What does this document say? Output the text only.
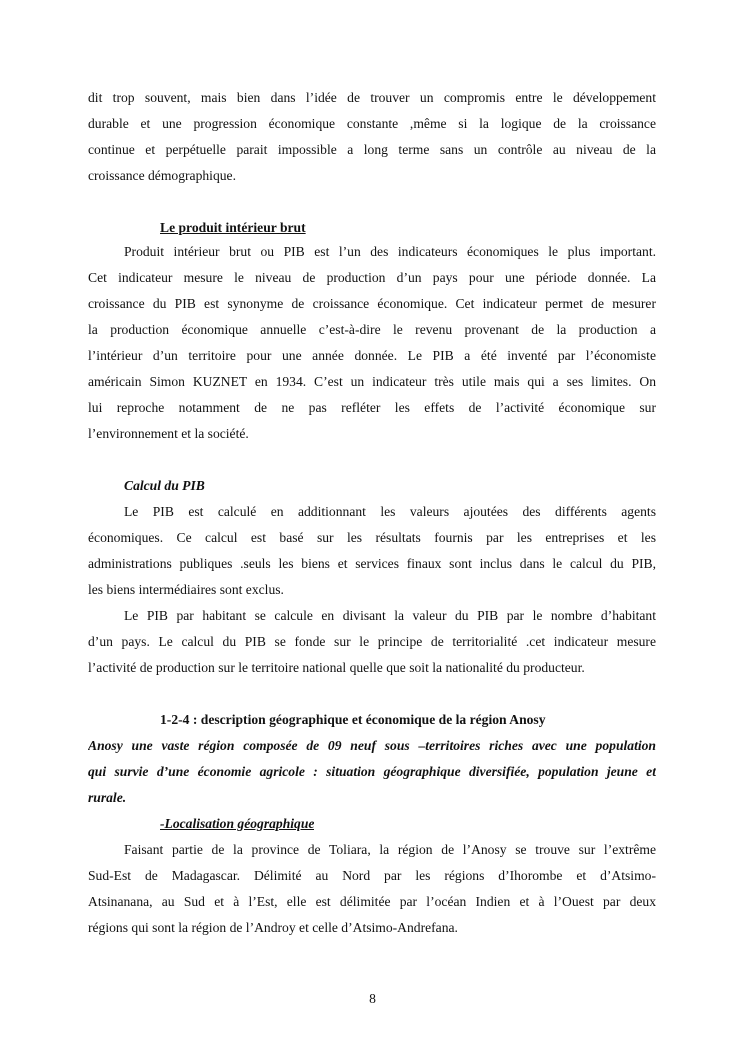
dit trop souvent, mais bien dans l’idée de trouver un compromis entre le développement
durable et une progression économique constante ,même si la logique de la croissance
continue et perpétuelle parait impossible a long terme sans un contrôle au niveau de la
croissance démographique.
Le produit intérieur brut
Produit intérieur brut ou PIB est l’un des indicateurs économiques le plus important.
Cet indicateur mesure le niveau de production d’un pays pour une période donnée. La
croissance du PIB est synonyme de croissance économique. Cet indicateur permet de mesurer
la production économique annuelle c’est-à-dire le revenu provenant de la production a
l’intérieur d’un territoire pour une année donnée. Le PIB a été inventé par l’économiste
américain Simon KUZNET en 1934. C’est un indicateur très utile mais qui a ses limites. On
lui reproche notamment de ne pas refléter les effets de l’activité économique sur
l’environnement et la société.
Calcul du PIB
Le PIB est calculé en additionnant les valeurs ajoutées des différents agents
économiques. Ce calcul est basé sur les résultats fournis par les entreprises et les
administrations publiques .seuls les biens et services finaux sont inclus dans le calcul du PIB,
les biens intermédiaires sont exclus.
Le PIB par habitant se calcule en divisant la valeur du PIB par le nombre d’habitant
d’un pays. Le calcul du PIB se fonde sur le principe de territorialité .cet indicateur mesure
l’activité de production sur le territoire national quelle que soit la nationalité du producteur.
1-2-4 : description géographique et économique de la région Anosy
Anosy une vaste région composée de 09 neuf sous –territoires riches avec une population
qui survie d’une économie agricole : situation géographique diversifiée, population jeune et
rurale.
-Localisation géographique
Faisant partie de la province de Toliara, la région de l’Anosy se trouve sur l’extrême
Sud-Est de Madagascar. Délimité au Nord par les régions d’Ihorombe et d’Atsimo-
Atsinanana, au Sud et à l’Est, elle est délimitée par l’océan Indien et à l’Ouest par deux
régions qui sont la région de l’Androy et celle d’Atsimo-Andrefana.
8
